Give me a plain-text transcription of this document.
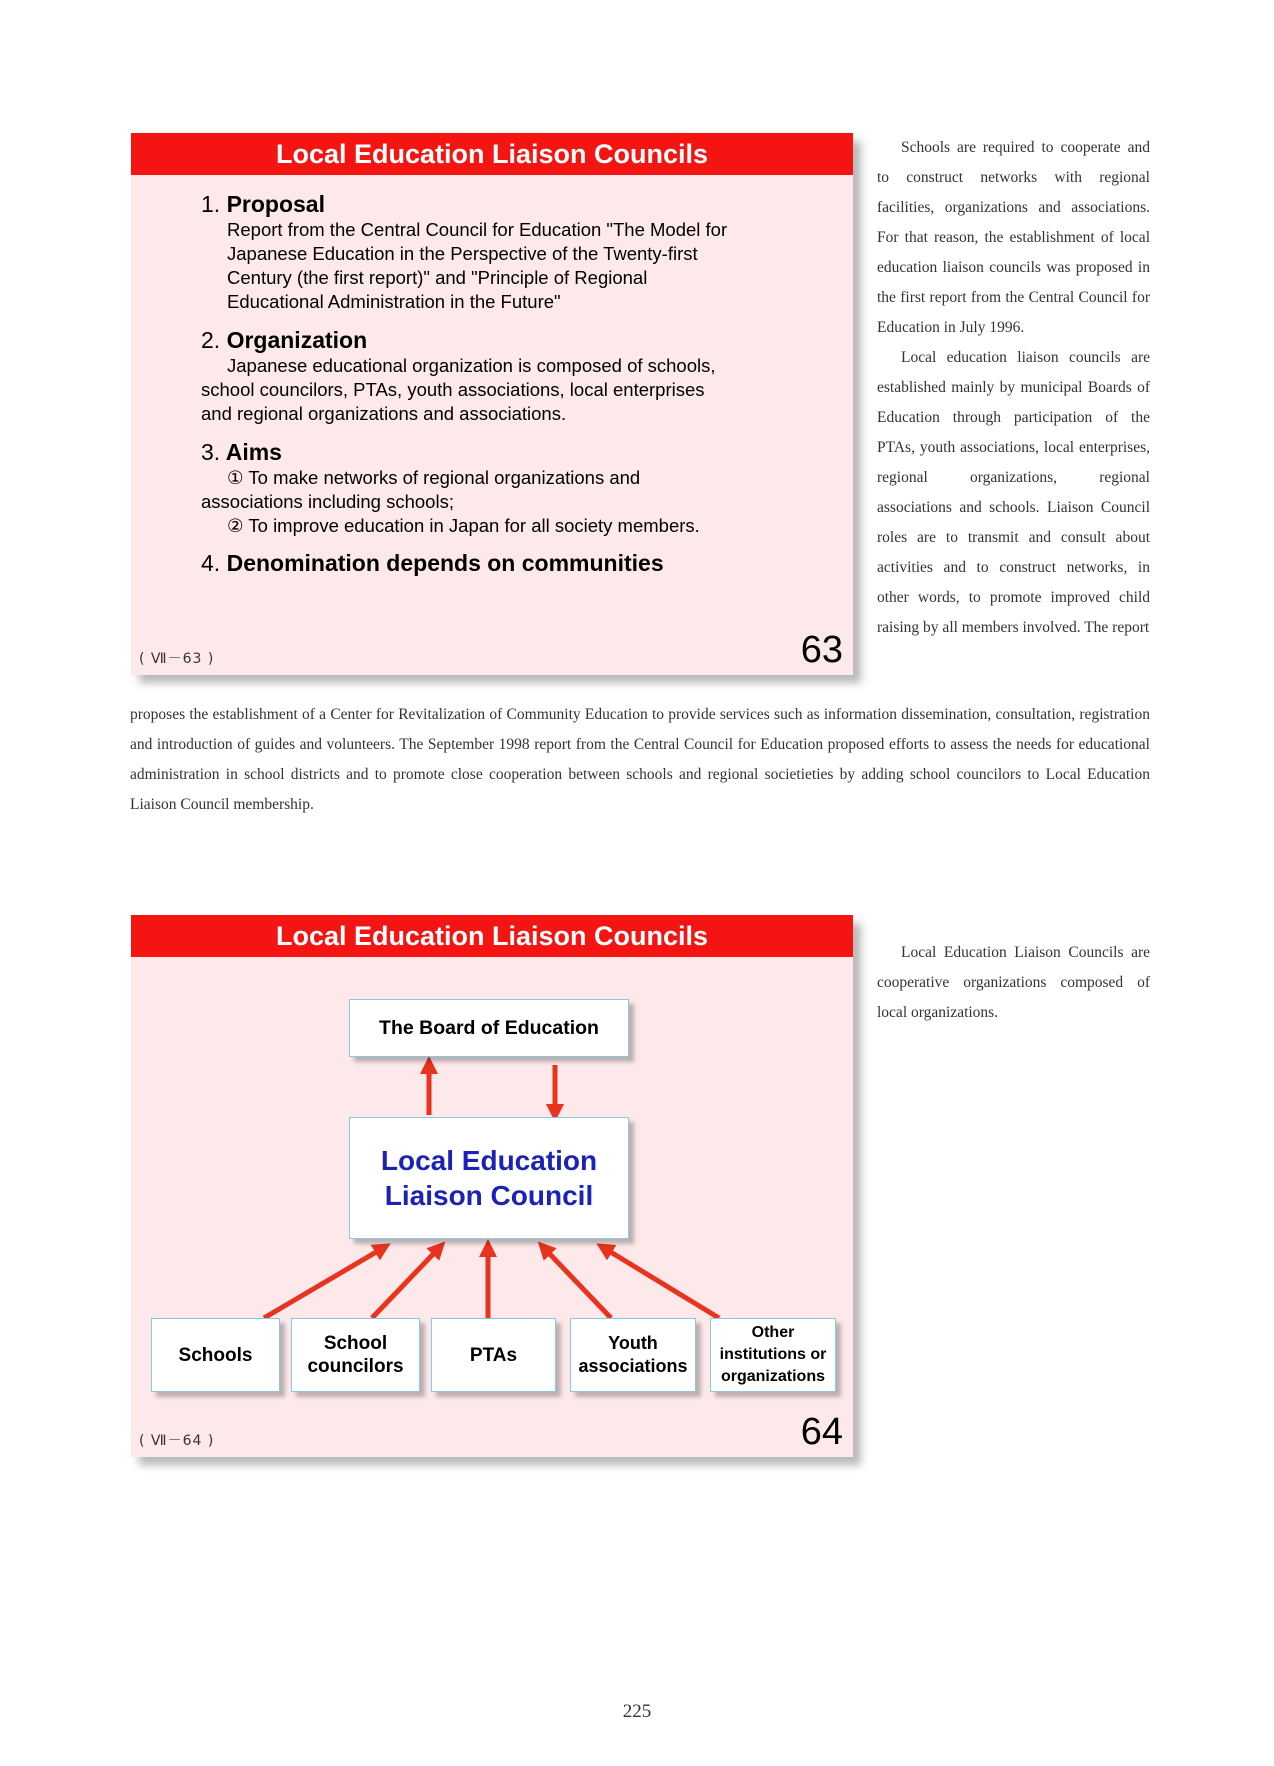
Local Education Liaison Councils
1. Proposal

Report from the Central Council for Education "The Model for

Japanese Education in the Perspective of the Twenty-first

Century (the first report)" and "Principle of Regional

Educational Administration in the Future"

2. Organization

Japanese educational organization is composed of schools,

school councilors, PTAs, youth associations, local enterprises

and regional organizations and associations.

3. Aims

① To make networks of regional organizations and

associations including schools;

② To improve education in Japan for all society members.

4. Denomination depends on communities
( Ⅶ－63 )	63

Schools are required to cooperate and to construct networks with regional facilities, organizations and associations. For that reason, the establishment of local education liaison councils was proposed in the first report from the Central Council for Education in July 1996.

Local education liaison councils are established mainly by municipal Boards of Education through participation of the PTAs, youth associations, local enterprises, regional organizations, regional associations and schools. Liaison Council roles are to transmit and consult about activities and to construct networks, in other words, to promote improved child raising by all members involved. The report

proposes the establishment of a Center for Revitalization of Community Education to provide services such as information dissemination, consultation, registration and introduction of guides and volunteers. The September 1998 report from the Central Council for Education proposed efforts to assess the needs for educational administration in school districts and to promote close cooperation between schools and regional societieties by adding school councilors to Local Education Liaison Council membership.

Local Education Liaison Councils
The Board of Education
Local Education
Liaison Council
Schools
School
councilors
PTAs
Youth
associations
Other
institutions or
organizations
( Ⅶ－64 )	64

Local Education Liaison Councils are cooperative organizations composed of local organizations.

225
